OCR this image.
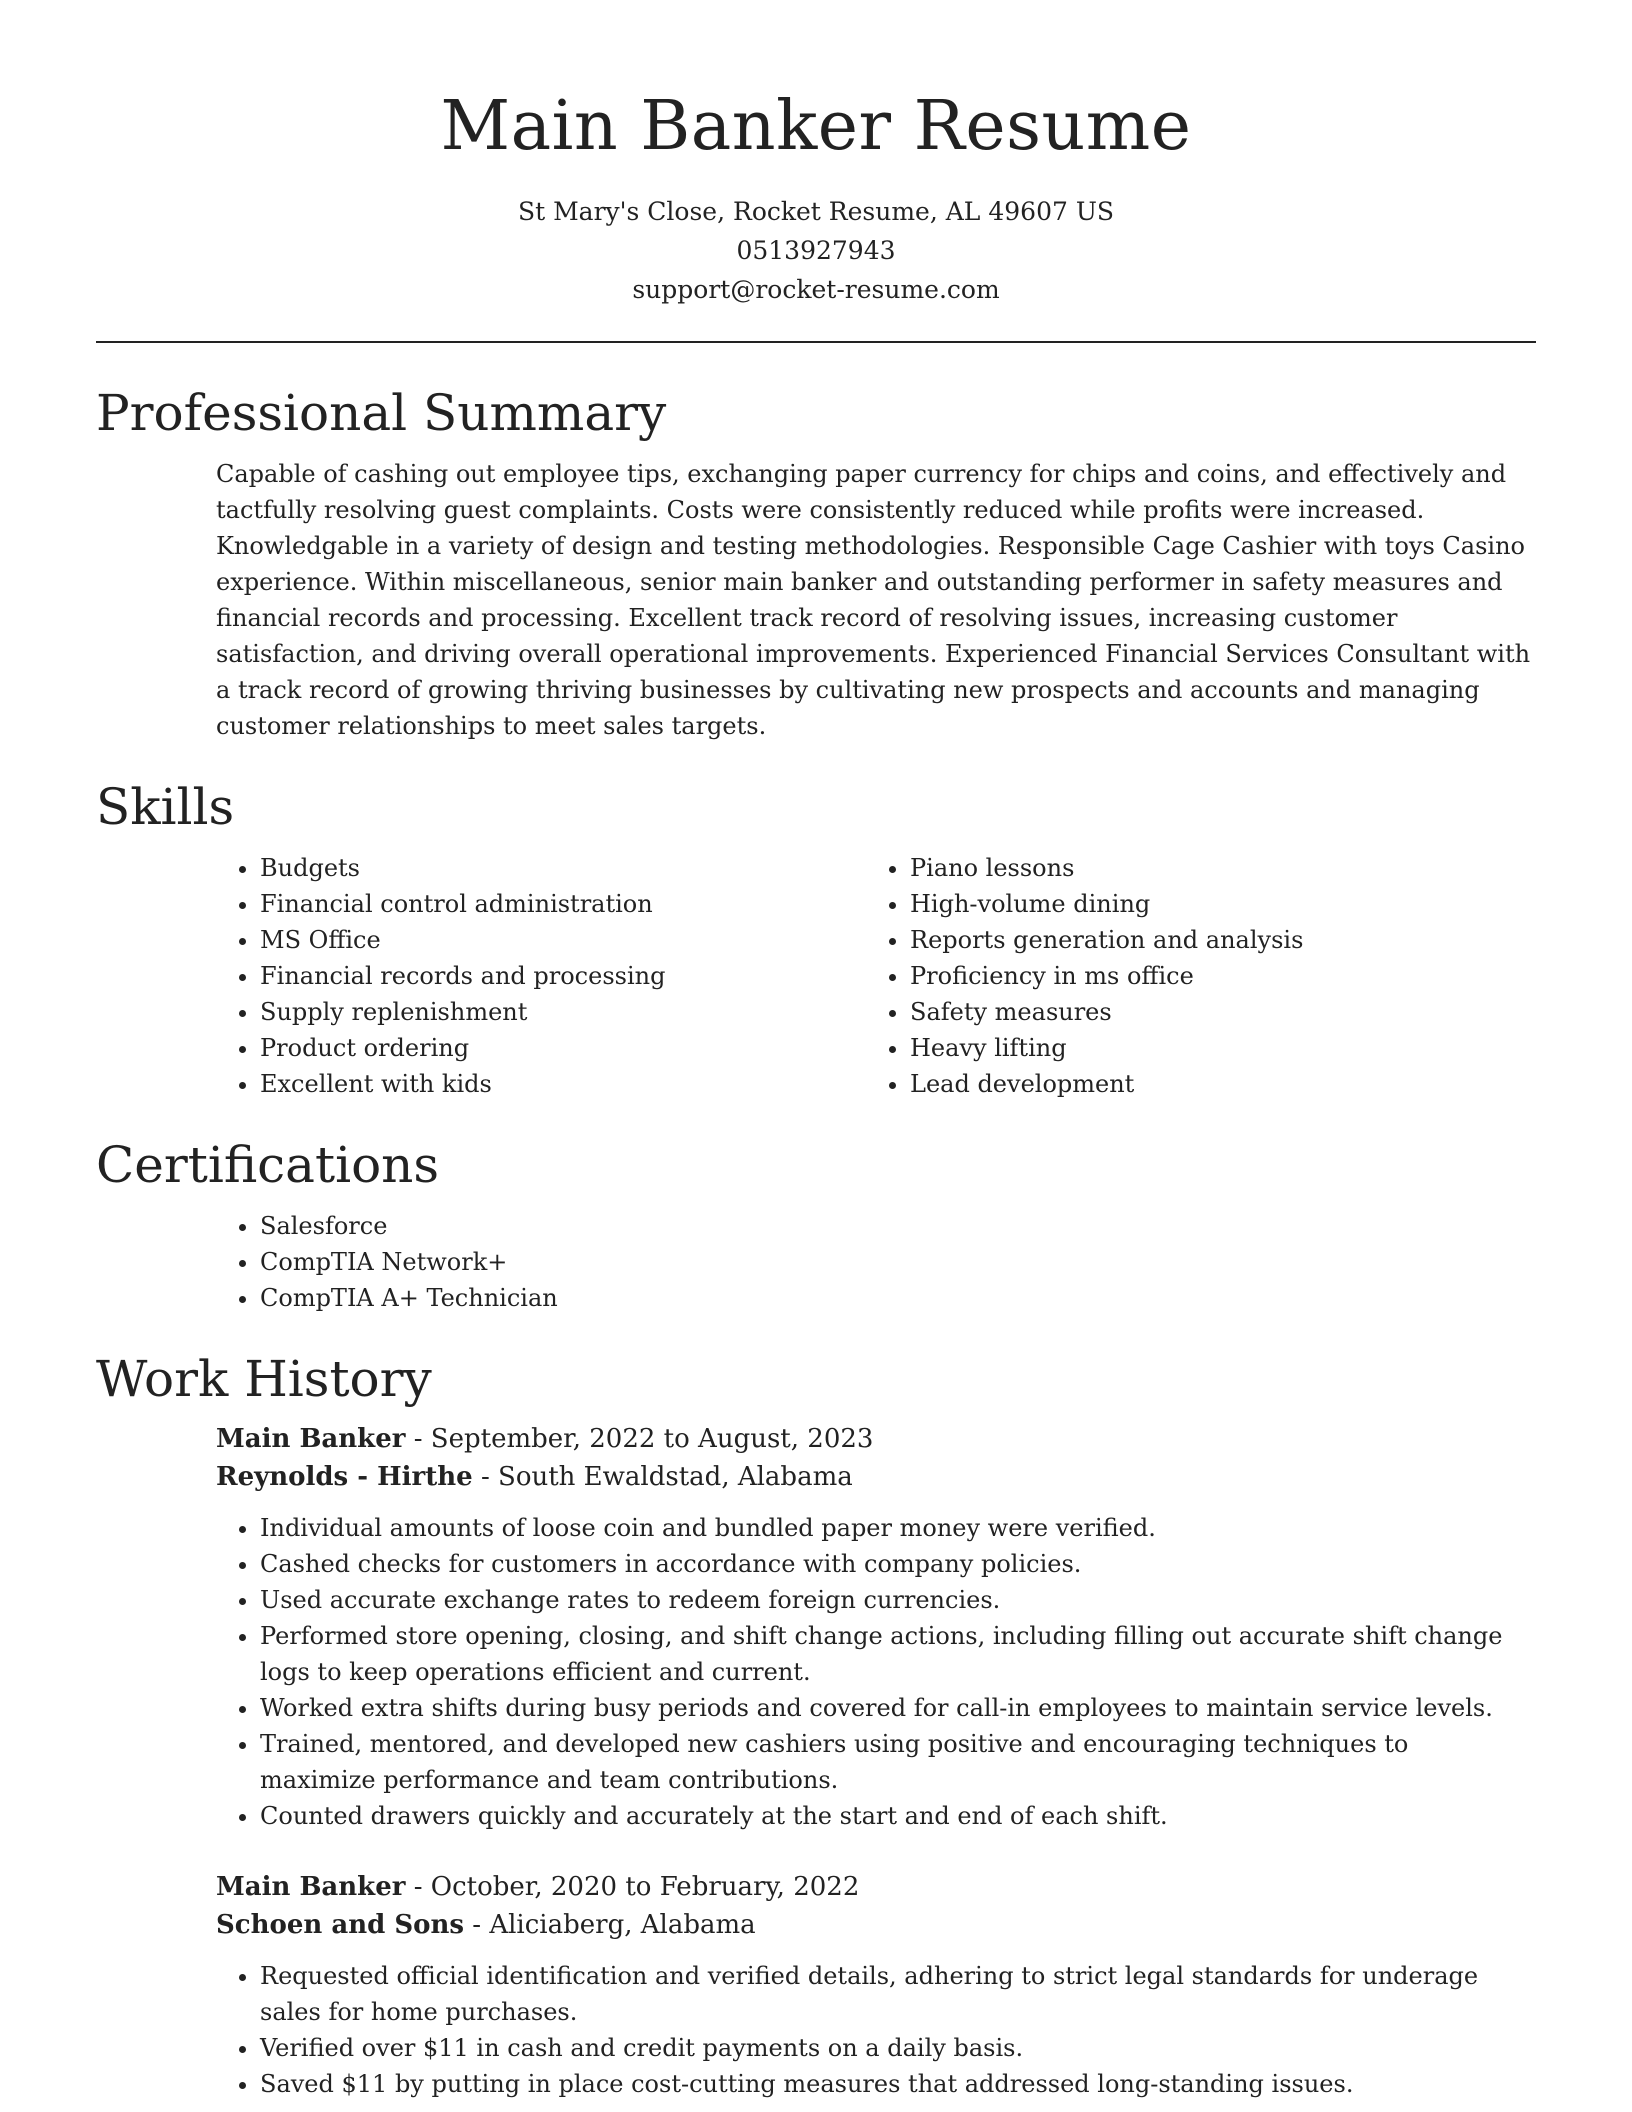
Main Banker Resume
St Mary's Close, Rocket Resume, AL 49607 US
0513927943
support@rocket-resume.com
Professional Summary
Capable of cashing out employee tips, exchanging paper currency for chips and coins, and effectively and tactfully resolving guest complaints. Costs were consistently reduced while profits were increased. Knowledgable in a variety of design and testing methodologies. Responsible Cage Cashier with toys Casino experience. Within miscellaneous, senior main banker and outstanding performer in safety measures and financial records and processing. Excellent track record of resolving issues, increasing customer satisfaction, and driving overall operational improvements. Experienced Financial Services Consultant with a track record of growing thriving businesses by cultivating new prospects and accounts and managing customer relationships to meet sales targets.
Skills
• Budgets
• Financial control administration
• MS Office
• Financial records and processing
• Supply replenishment
• Product ordering
• Excellent with kids
• Piano lessons
• High-volume dining
• Reports generation and analysis
• Proficiency in ms office
• Safety measures
• Heavy lifting
• Lead development
Certifications
• Salesforce
• CompTIA Network+
• CompTIA A+ Technician
Work History
Main Banker - September, 2022 to August, 2023
Reynolds - Hirthe - South Ewaldstad, Alabama
• Individual amounts of loose coin and bundled paper money were verified.
• Cashed checks for customers in accordance with company policies.
• Used accurate exchange rates to redeem foreign currencies.
• Performed store opening, closing, and shift change actions, including filling out accurate shift change logs to keep operations efficient and current.
• Worked extra shifts during busy periods and covered for call-in employees to maintain service levels.
• Trained, mentored, and developed new cashiers using positive and encouraging techniques to maximize performance and team contributions.
• Counted drawers quickly and accurately at the start and end of each shift.
Main Banker - October, 2020 to February, 2022
Schoen and Sons - Aliciaberg, Alabama
• Requested official identification and verified details, adhering to strict legal standards for underage sales for home purchases.
• Verified over $11 in cash and credit payments on a daily basis.
• Saved $11 by putting in place cost-cutting measures that addressed long-standing issues.
